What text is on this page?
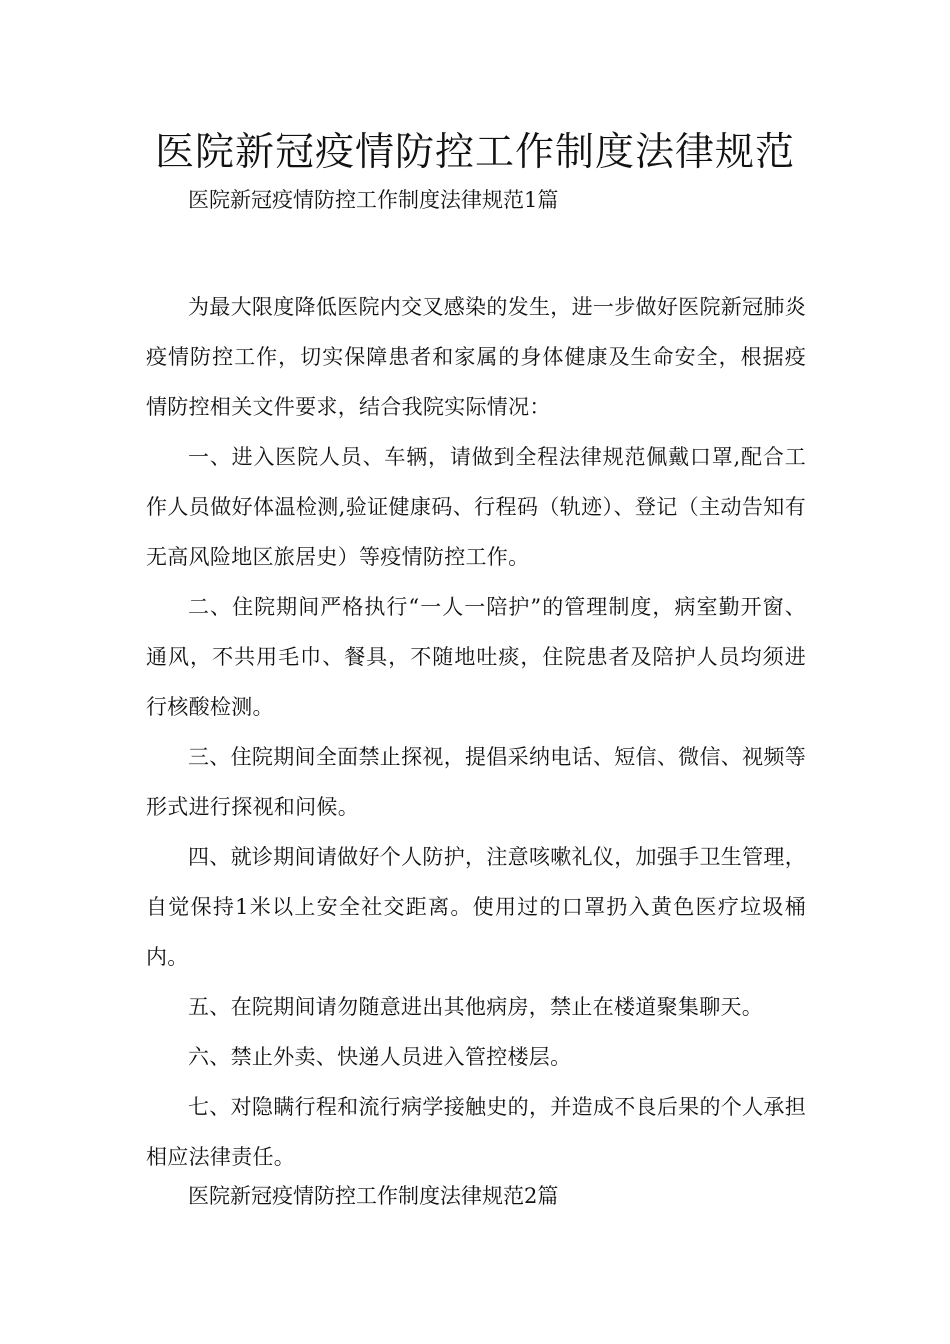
医院新冠疫情防控工作制度法律规范
医院新冠疫情防控工作制度法律规范1篇

为最大限度降低医院内交叉感染的发生，进一步做好医院新冠肺炎疫情防控工作，切实保障患者和家属的身体健康及生命安全，根据疫情防控相关文件要求，结合我院实际情况：

一、进入医院人员、车辆，请做到全程法律规范佩戴口罩,配合工作人员做好体温检测,验证健康码、行程码（轨迹）、登记（主动告知有无高风险地区旅居史）等疫情防控工作。

二、住院期间严格执行“一人一陪护”的管理制度，病室勤开窗、通风，不共用毛巾、餐具，不随地吐痰，住院患者及陪护人员均须进行核酸检测。

三、住院期间全面禁止探视，提倡采纳电话、短信、微信、视频等形式进行探视和问候。

四、就诊期间请做好个人防护，注意咳嗽礼仪，加强手卫生管理，自觉保持1米以上安全社交距离。使用过的口罩扔入黄色医疗垃圾桶内。

五、在院期间请勿随意进出其他病房，禁止在楼道聚集聊天。

六、禁止外卖、快递人员进入管控楼层。

七、对隐瞒行程和流行病学接触史的，并造成不良后果的个人承担相应法律责任。

医院新冠疫情防控工作制度法律规范2篇
